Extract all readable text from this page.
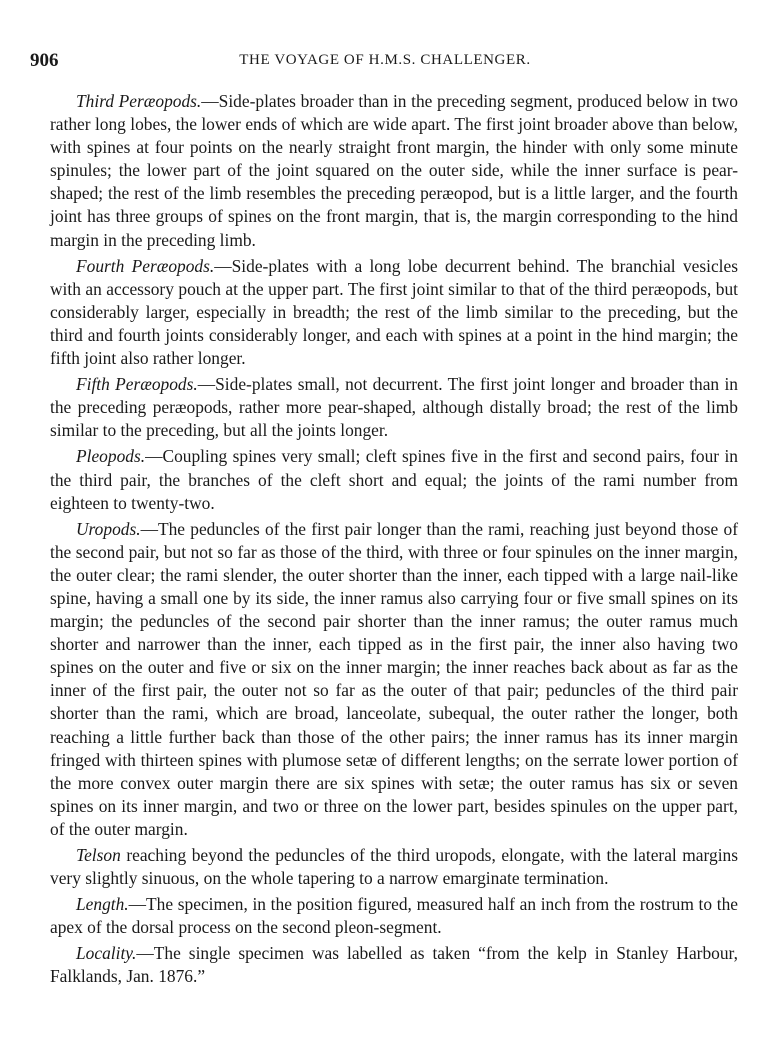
906	THE VOYAGE OF H.M.S. CHALLENGER.

Third Peræopods.—Side-plates broader than in the preceding segment, produced below in two rather long lobes, the lower ends of which are wide apart. The first joint broader above than below, with spines at four points on the nearly straight front margin, the hinder with only some minute spinules; the lower part of the joint squared on the outer side, while the inner surface is pear-shaped; the rest of the limb resembles the preceding peræopod, but is a little larger, and the fourth joint has three groups of spines on the front margin, that is, the margin corresponding to the hind margin in the preceding limb.

Fourth Peræopods.—Side-plates with a long lobe decurrent behind. The branchial vesicles with an accessory pouch at the upper part. The first joint similar to that of the third peræopods, but considerably larger, especially in breadth; the rest of the limb similar to the preceding, but the third and fourth joints considerably longer, and each with spines at a point in the hind margin; the fifth joint also rather longer.

Fifth Peræopods.—Side-plates small, not decurrent. The first joint longer and broader than in the preceding peræopods, rather more pear-shaped, although distally broad; the rest of the limb similar to the preceding, but all the joints longer.

Pleopods.—Coupling spines very small; cleft spines five in the first and second pairs, four in the third pair, the branches of the cleft short and equal; the joints of the rami number from eighteen to twenty-two.

Uropods.—The peduncles of the first pair longer than the rami, reaching just beyond those of the second pair, but not so far as those of the third, with three or four spinules on the inner margin, the outer clear; the rami slender, the outer shorter than the inner, each tipped with a large nail-like spine, having a small one by its side, the inner ramus also carrying four or five small spines on its margin; the peduncles of the second pair shorter than the inner ramus; the outer ramus much shorter and narrower than the inner, each tipped as in the first pair, the inner also having two spines on the outer and five or six on the inner margin; the inner reaches back about as far as the inner of the first pair, the outer not so far as the outer of that pair; peduncles of the third pair shorter than the rami, which are broad, lanceolate, subequal, the outer rather the longer, both reaching a little further back than those of the other pairs; the inner ramus has its inner margin fringed with thirteen spines with plumose setæ of different lengths; on the serrate lower portion of the more convex outer margin there are six spines with setæ; the outer ramus has six or seven spines on its inner margin, and two or three on the lower part, besides spinules on the upper part, of the outer margin.

Telson reaching beyond the peduncles of the third uropods, elongate, with the lateral margins very slightly sinuous, on the whole tapering to a narrow emarginate termination.

Length.—The specimen, in the position figured, measured half an inch from the rostrum to the apex of the dorsal process on the second pleon-segment.

Locality.—The single specimen was labelled as taken “from the kelp in Stanley Harbour, Falklands, Jan. 1876.”
